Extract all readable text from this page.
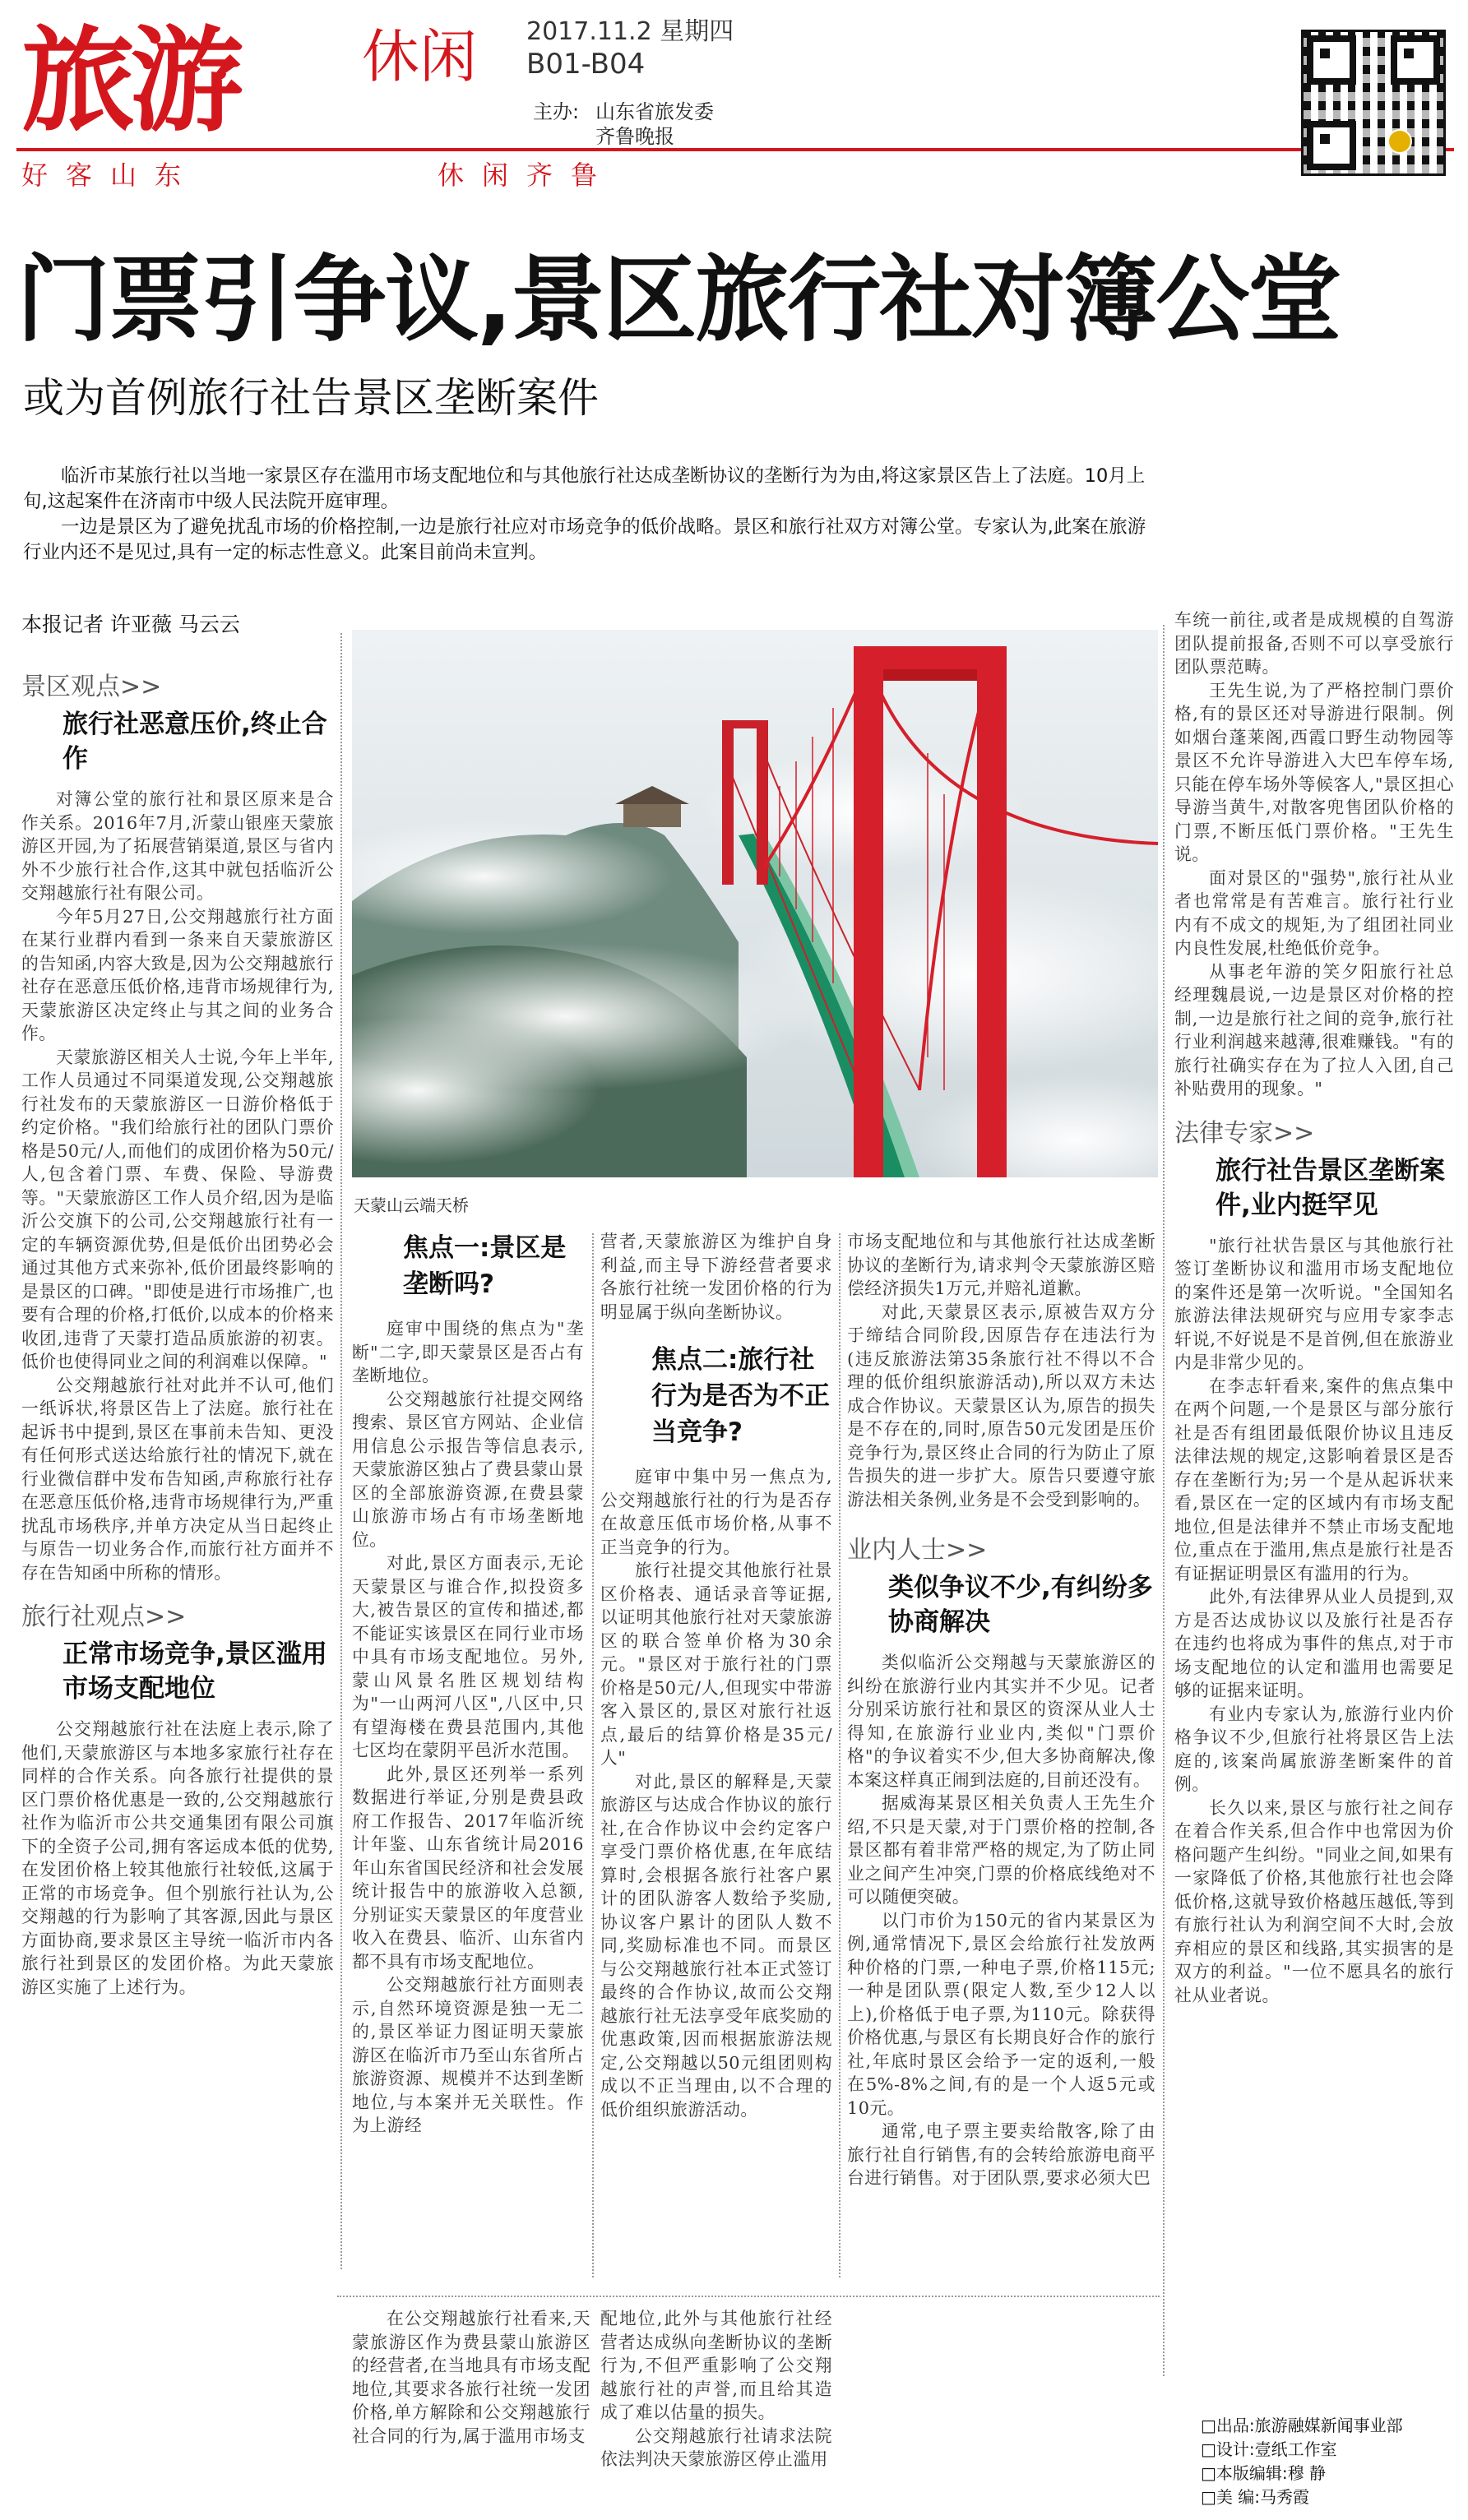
旅游	休闲 2017.11.2 星期四
B01-B04
主办: 山东省旅发委
齐鲁晚报
好客山东	休闲齐鲁
门票引争议,景区旅行社对簿公堂
或为首例旅行社告景区垄断案件

临沂市某旅行社以当地一家景区存在滥用市场支配地位和与其他旅行社达成垄断协议的垄断行为为由,将这家景区告上了法庭。10月上旬,这起案件在济南市中级人民法院开庭审理。

一边是景区为了避免扰乱市场的价格控制,一边是旅行社应对市场竞争的低价战略。景区和旅行社双方对簿公堂。专家认为,此案在旅游行业内还不是见过,具有一定的标志性意义。此案目前尚未宣判。

本报记者 许亚薇 马云云
景区观点>>
旅行社恶意压价,终止合作

对簿公堂的旅行社和景区原来是合作关系。2016年7月,沂蒙山银座天蒙旅游区开园,为了拓展营销渠道,景区与省内外不少旅行社合作,这其中就包括临沂公交翔越旅行社有限公司。

今年5月27日,公交翔越旅行社方面在某行业群内看到一条来自天蒙旅游区的告知函,内容大致是,因为公交翔越旅行社存在恶意压低价格,违背市场规律行为,天蒙旅游区决定终止与其之间的业务合作。

天蒙旅游区相关人士说,今年上半年,工作人员通过不同渠道发现,公交翔越旅行社发布的天蒙旅游区一日游价格低于约定价格。"我们给旅行社的团队门票价格是50元/人,而他们的成团价格为50元/人,包含着门票、车费、保险、导游费等。"天蒙旅游区工作人员介绍,因为是临沂公交旗下的公司,公交翔越旅行社有一定的车辆资源优势,但是低价出团势必会通过其他方式来弥补,低价团最终影响的是景区的口碑。"即使是进行市场推广,也要有合理的价格,打低价,以成本的价格来收团,违背了天蒙打造品质旅游的初衷。低价也使得同业之间的利润难以保障。"

公交翔越旅行社对此并不认可,他们一纸诉状,将景区告上了法庭。旅行社在起诉书中提到,景区在事前未告知、更没有任何形式送达给旅行社的情况下,就在行业微信群中发布告知函,声称旅行社存在恶意压低价格,违背市场规律行为,严重扰乱市场秩序,并单方决定从当日起终止与原告一切业务合作,而旅行社方面并不存在告知函中所称的情形。

旅行社观点>>
正常市场竞争,景区滥用市场支配地位

公交翔越旅行社在法庭上表示,除了他们,天蒙旅游区与本地多家旅行社存在同样的合作关系。向各旅行社提供的景区门票价格优惠是一致的,公交翔越旅行社作为临沂市公共交通集团有限公司旗下的全资子公司,拥有客运成本低的优势,在发团价格上较其他旅行社较低,这属于正常的市场竞争。但个别旅行社认为,公交翔越的行为影响了其客源,因此与景区方面协商,要求景区主导统一临沂市内各旅行社到景区的发团价格。为此天蒙旅游区实施了上述行为。

天蒙山云端天桥
焦点一:景区是垄断吗?

庭审中围绕的焦点为"垄断"二字,即天蒙景区是否占有垄断地位。

公交翔越旅行社提交网络搜索、景区官方网站、企业信用信息公示报告等信息表示,天蒙旅游区独占了费县蒙山景区的全部旅游资源,在费县蒙山旅游市场占有市场垄断地位。

对此,景区方面表示,无论天蒙景区与谁合作,拟投资多大,被告景区的宣传和描述,都不能证实该景区在同行业市场中具有市场支配地位。另外,蒙山风景名胜区规划结构为"一山两河八区",八区中,只有望海楼在费县范围内,其他七区均在蒙阴平邑沂水范围。

此外,景区还列举一系列数据进行举证,分别是费县政府工作报告、2017年临沂统计年鉴、山东省统计局2016年山东省国民经济和社会发展统计报告中的旅游收入总额,分别证实天蒙景区的年度营业收入在费县、临沂、山东省内都不具有市场支配地位。

公交翔越旅行社方面则表示,自然环境资源是独一无二的,景区举证力图证明天蒙旅游区在临沂市乃至山东省所占旅游资源、规模并不达到垄断地位,与本案并无关联性。作为上游经

营者,天蒙旅游区为维护自身利益,而主导下游经营者要求各旅行社统一发团价格的行为明显属于纵向垄断协议。

焦点二:旅行社行为是否为不正当竞争?

庭审中集中另一焦点为,公交翔越旅行社的行为是否存在故意压低市场价格,从事不正当竞争的行为。

旅行社提交其他旅行社景区价格表、通话录音等证据,以证明其他旅行社对天蒙旅游区的联合签单价格为30余元。"景区对于旅行社的门票价格是50元/人,但现实中带游客入景区的,景区对旅行社返点,最后的结算价格是35元/人"

对此,景区的解释是,天蒙旅游区与达成合作协议的旅行社,在合作协议中会约定客户享受门票价格优惠,在年底结算时,会根据各旅行社客户累计的团队游客人数给予奖励,协议客户累计的团队人数不同,奖励标准也不同。而景区与公交翔越旅行社本正式签订最终的合作协议,故而公交翔越旅行社无法享受年底奖励的优惠政策,因而根据旅游法规定,公交翔越以50元组团则构成以不正当理由,以不合理的低价组织旅游活动。

市场支配地位和与其他旅行社达成垄断协议的垄断行为,请求判令天蒙旅游区赔偿经济损失1万元,并赔礼道歉。

对此,天蒙景区表示,原被告双方分于缔结合同阶段,因原告存在违法行为(违反旅游法第35条旅行社不得以不合理的低价组织旅游活动),所以双方未达成合作协议。天蒙景区认为,原告的损失是不存在的,同时,原告50元发团是压价竞争行为,景区终止合同的行为防止了原告损失的进一步扩大。原告只要遵守旅游法相关条例,业务是不会受到影响的。

业内人士>>
类似争议不少,有纠纷多协商解决

类似临沂公交翔越与天蒙旅游区的纠纷在旅游行业内其实并不少见。记者分别采访旅行社和景区的资深从业人士得知,在旅游行业业内,类似"门票价格"的争议着实不少,但大多协商解决,像本案这样真正闹到法庭的,目前还没有。

据威海某景区相关负责人王先生介绍,不只是天蒙,对于门票价格的控制,各景区都有着非常严格的规定,为了防止同业之间产生冲突,门票的价格底线绝对不可以随便突破。

以门市价为150元的省内某景区为例,通常情况下,景区会给旅行社发放两种价格的门票,一种电子票,价格115元;一种是团队票(限定人数,至少12人以上),价格低于电子票,为110元。除获得价格优惠,与景区有长期良好合作的旅行社,年底时景区会给予一定的返利,一般在5%-8%之间,有的是一个人返5元或10元。

通常,电子票主要卖给散客,除了由旅行社自行销售,有的会转给旅游电商平台进行销售。对于团队票,要求必须大巴

车统一前往,或者是成规模的自驾游团队提前报备,否则不可以享受旅行团队票范畴。

王先生说,为了严格控制门票价格,有的景区还对导游进行限制。例如烟台蓬莱阁,西霞口野生动物园等景区不允许导游进入大巴车停车场,只能在停车场外等候客人,"景区担心导游当黄牛,对散客兜售团队价格的门票,不断压低门票价格。"王先生说。

面对景区的"强势",旅行社从业者也常常是有苦难言。旅行社行业内有不成文的规矩,为了组团社同业内良性发展,杜绝低价竞争。

从事老年游的笑夕阳旅行社总经理魏晨说,一边是景区对价格的控制,一边是旅行社之间的竞争,旅行社行业利润越来越薄,很难赚钱。"有的旅行社确实存在为了拉人入团,自己补贴费用的现象。"

法律专家>>
旅行社告景区垄断案件,业内挺罕见

"旅行社状告景区与其他旅行社签订垄断协议和滥用市场支配地位的案件还是第一次听说。"全国知名旅游法律法规研究与应用专家李志轩说,不好说是不是首例,但在旅游业内是非常少见的。

在李志轩看来,案件的焦点集中在两个问题,一个是景区与部分旅行社是否有组团最低限价协议且违反法律法规的规定,这影响着景区是否存在垄断行为;另一个是从起诉状来看,景区在一定的区域内有市场支配地位,但是法律并不禁止市场支配地位,重点在于滥用,焦点是旅行社是否有证据证明景区有滥用的行为。

此外,有法律界从业人员提到,双方是否达成协议以及旅行社是否存在违约也将成为事件的焦点,对于市场支配地位的认定和滥用也需要足够的证据来证明。

有业内专家认为,旅游行业内价格争议不少,但旅行社将景区告上法庭的,该案尚属旅游垄断案件的首例。

长久以来,景区与旅行社之间存在着合作关系,但合作中也常因为价格问题产生纠纷。"同业之间,如果有一家降低了价格,其他旅行社也会降低价格,这就导致价格越压越低,等到有旅行社认为利润空间不大时,会放弃相应的景区和线路,其实损害的是双方的利益。"一位不愿具名的旅行社从业者说。

在公交翔越旅行社看来,天蒙旅游区作为费县蒙山旅游区的经营者,在当地具有市场支配地位,其要求各旅行社统一发团价格,单方解除和公交翔越旅行社合同的行为,属于滥用市场支

配地位,此外与其他旅行社经营者达成纵向垄断协议的垄断行为,不但严重影响了公交翔越旅行社的声誉,而且给其造成了难以估量的损失。

公交翔越旅行社请求法院依法判决天蒙旅游区停止滥用

□出品:旅游融媒新闻事业部
□设计:壹纸工作室
□本版编辑:穆 静
□美 编:马秀霞
